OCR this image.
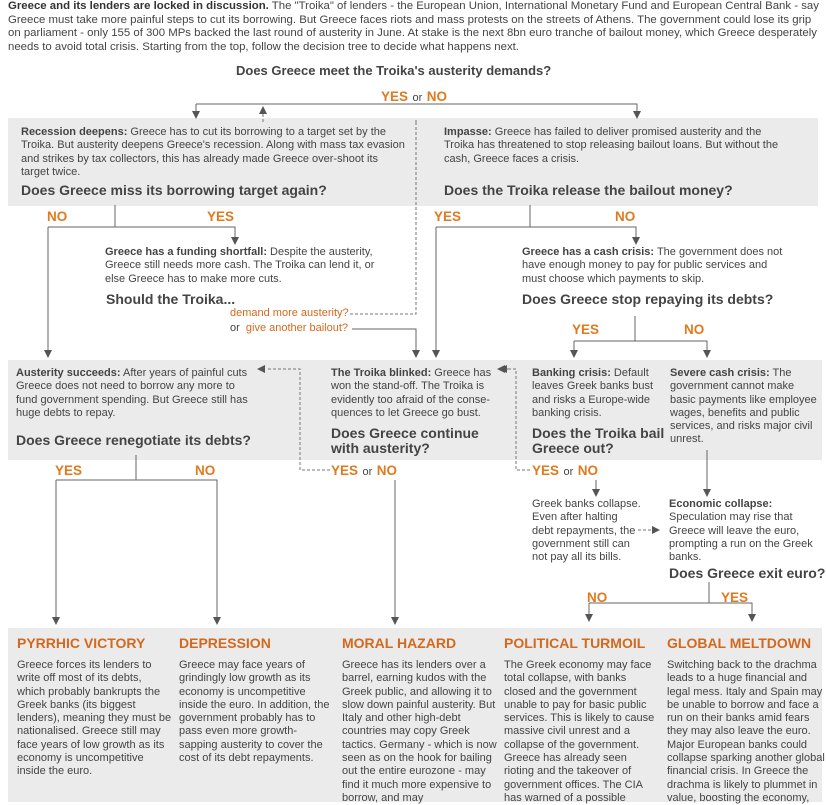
Greece and its lenders are locked in discussion. The "Troika" of lenders - the European Union, International Monetary Fund and European Central Bank - say Greece must take more painful steps to cut its borrowing. But Greece faces riots and mass protests on the streets of Athens. The government could lose its grip on parliament - only 155 of 300 MPs backed the last round of austerity in June. At stake is the next 8bn euro tranche of bailout money, which Greece desperately needs to avoid total crisis. Starting from the top, follow the decision tree to decide what happens next.
Does Greece meet the Troika's austerity demands?
YES or NO
Recession deepens: Greece has to cut its borrowing to a target set by the Troika. But austerity deepens Greece's recession. Along with mass tax evasion and strikes by tax collectors, this has already made Greece over-shoot its target twice.
Does Greece miss its borrowing target again?
NO	YES
Impasse: Greece has failed to deliver promised austerity and the Troika has threatened to stop releasing bailout loans. But without the cash, Greece faces a crisis.
Does the Troika release the bailout money?
YES	NO
Greece has a funding shortfall: Despite the austerity, Greece still needs more cash. The Troika can lend it, or else Greece has to make more cuts.
Should the Troika...
demand more austerity?
or give another bailout?
Greece has a cash crisis: The government does not have enough money to pay for public services and must choose which payments to skip.
Does Greece stop repaying its debts?
YES	NO
Austerity succeeds: After years of painful cuts Greece does not need to borrow any more to fund government spending. But Greece still has huge debts to repay.
Does Greece renegotiate its debts?
YES	NO
The Troika blinked: Greece has won the stand-off. The Troika is evidently too afraid of the conse-quences to let Greece go bust.
Does Greece continue with austerity?
YES or NO
Banking crisis: Default leaves Greek banks bust and risks a Europe-wide banking crisis.
Does the Troika bail Greece out?
YES or NO
Severe cash crisis: The government cannot make basic payments like employee wages, benefits and public services, and risks major civil unrest.
Greek banks collapse. Even after halting debt repayments, the government still can not pay all its bills.
Economic collapse:
Speculation may rise that Greece will leave the euro, prompting a run on the Greek banks.
Does Greece exit euro?
NO	YES
PYRRHIC VICTORY
Greece forces its lenders to write off most of its debts, which probably bankrupts the Greek banks (its biggest lenders), meaning they must be nationalised. Greece still may face years of low growth as its economy is uncompetitive inside the euro.
DEPRESSION
Greece may face years of grindingly low growth as its economy is uncompetitive inside the euro. In addition, the government probably has to pass even more growth-sapping austerity to cover the cost of its debt repayments.
MORAL HAZARD
Greece has its lenders over a barrel, earning kudos with the Greek public, and allowing it to slow down painful austerity. But Italy and other high-debt countries may copy Greek tactics. Germany - which is now seen as on the hook for bailing out the entire eurozone - may find it much more expensive to borrow, and may
POLITICAL TURMOIL
The Greek economy may face total collapse, with banks closed and the government unable to pay for basic public services. This is likely to cause massive civil unrest and a collapse of the government. Greece has already seen rioting and the takeover of government offices. The CIA has warned of a possible
GLOBAL MELTDOWN
Switching back to the drachma leads to a huge financial and legal mess. Italy and Spain may be unable to borrow and face a run on their banks amid fears they may also leave the euro. Major European banks could collapse sparking another global financial crisis. In Greece the drachma is likely to plummet in value, boosting the economy,
